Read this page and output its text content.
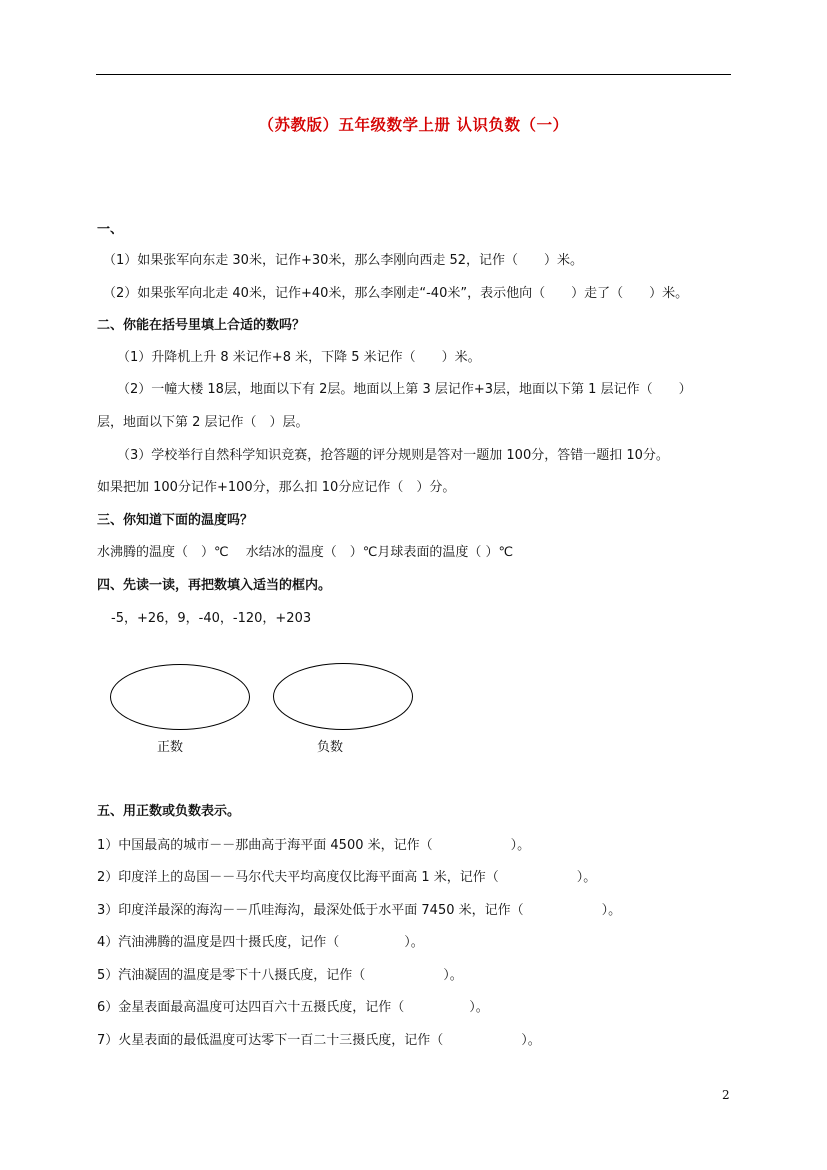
（苏教版）五年级数学上册 认识负数（一）
一、
（1）如果张军向东走 30米，记作+30米，那么李刚向西走 52，记作（　　）米。
（2）如果张军向北走 40米，记作+40米，那么李刚走“-40米”，表示他向（　　）走了（　　）米。
二、你能在括号里填上合适的数吗？
（1）升降机上升 8 米记作+8 米，下降 5 米记作（　　）米。
（2）一幢大楼 18层，地面以下有 2层。地面以上第 3 层记作+3层，地面以下第 1 层记作（　　）
层，地面以下第 2 层记作（　）层。
（3）学校举行自然科学知识竞赛，抢答题的评分规则是答对一题加 100分，答错一题扣 10分。
如果把加 100分记作+100分，那么扣 10分应记作（　）分。
三、你知道下面的温度吗？
水沸腾的温度（　）℃　 水结冰的温度（　）℃月球表面的温度（ ）℃
四、先读一读，再把数填入适当的框内。
-5，+26，9，-40，-120，+203
正数	负数
五、用正数或负数表示。
1）中国最高的城市－－那曲高于海平面 4500 米，记作（　　　　　　）。
2）印度洋上的岛国－－马尔代夫平均高度仅比海平面高 1 米，记作（　　　　　　）。
3）印度洋最深的海沟－－爪哇海沟，最深处低于水平面 7450 米，记作（　　　　　　）。
4）汽油沸腾的温度是四十摄氏度，记作（　　　　　）。
5）汽油凝固的温度是零下十八摄氏度，记作（　　　　　　）。
6）金星表面最高温度可达四百六十五摄氏度，记作（　　　　　）。
7）火星表面的最低温度可达零下一百二十三摄氏度，记作（　　　　　　）。
2
